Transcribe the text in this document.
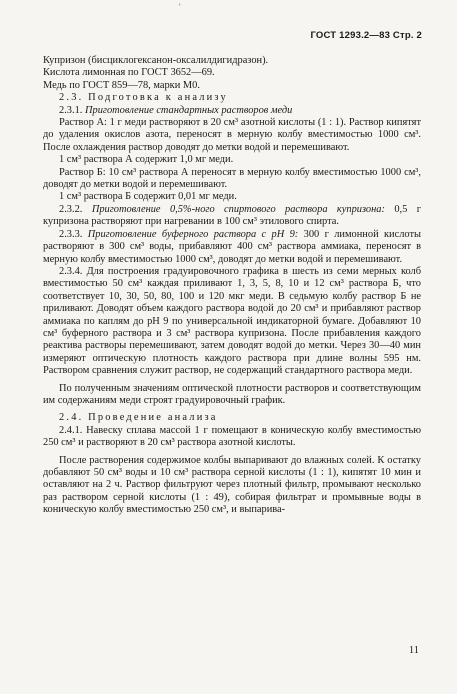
ʿ
ГОСТ 1293.2—83 Стр. 2

Купризон (бисциклогексанон-оксалилдигидразон).

Кислота лимонная по ГОСТ 3652—69.

Медь по ГОСТ 859—78, марки М0.

2.3. Подготовка к анализу

2.3.1. Приготовление стандартных растворов меди

Раствор А: 1 г меди растворяют в 20 см³ азотной кислоты (1 : 1). Раствор кипятят до удаления окислов азота, переносят в мерную колбу вместимостью 1000 см³. После охлаждения раствор доводят до метки водой и перемешивают.

1 см³ раствора А содержит 1,0 мг меди.

Раствор Б: 10 см³ раствора А переносят в мерную колбу вместимостью 1000 см³, доводят до метки водой и перемешивают.

1 см³ раствора Б содержит 0,01 мг меди.

2.3.2. Приготовление 0,5%-ного спиртового раствора купризона: 0,5 г купризона растворяют при нагревании в 100 см³ этилового спирта.

2.3.3. Приготовление буферного раствора с рН 9: 300 г лимонной кислоты растворяют в 300 см³ воды, прибавляют 400 см³ раствора аммиака, переносят в мерную колбу вместимостью 1000 см³, доводят до метки водой и перемешивают.

2.3.4. Для построения градуировочного графика в шесть из семи мерных колб вместимостью 50 см³ каждая приливают 1, 3, 5, 8, 10 и 12 см³ раствора Б, что соответствует 10, 30, 50, 80, 100 и 120 мкг меди. В седьмую колбу раствор Б не приливают. Доводят объем каждого раствора водой до 20 см³ и прибавляют раствор аммиака по каплям до рН 9 по универсальной индикаторной бумаге. Добавляют 10 см³ буферного раствора и 3 см³ раствора купризона. После прибавления каждого реактива растворы перемешивают, затем доводят водой до метки. Через 30—40 мин измеряют оптическую плотность каждого раствора при длине волны 595 нм. Раствором сравнения служит раствор, не содержащий стандартного раствора меди.

По полученным значениям оптической плотности растворов и соответствующим им содержаниям меди строят градуировочный график.

2.4. Проведение анализа

2.4.1. Навеску сплава массой 1 г помещают в коническую колбу вместимостью 250 см³ и растворяют в 20 см³ раствора азотной кислоты.

После растворения содержимое колбы выпаривают до влажных солей. К остатку добавляют 50 см³ воды и 10 см³ раствора серной кислоты (1 : 1), кипятят 10 мин и оставляют на 2 ч. Раствор фильтруют через плотный фильтр, промывают несколько раз раствором серной кислоты (1 : 49), собирая фильтрат и промывные воды в коническую колбу вместимостью 250 см³, и выпарива-

11
